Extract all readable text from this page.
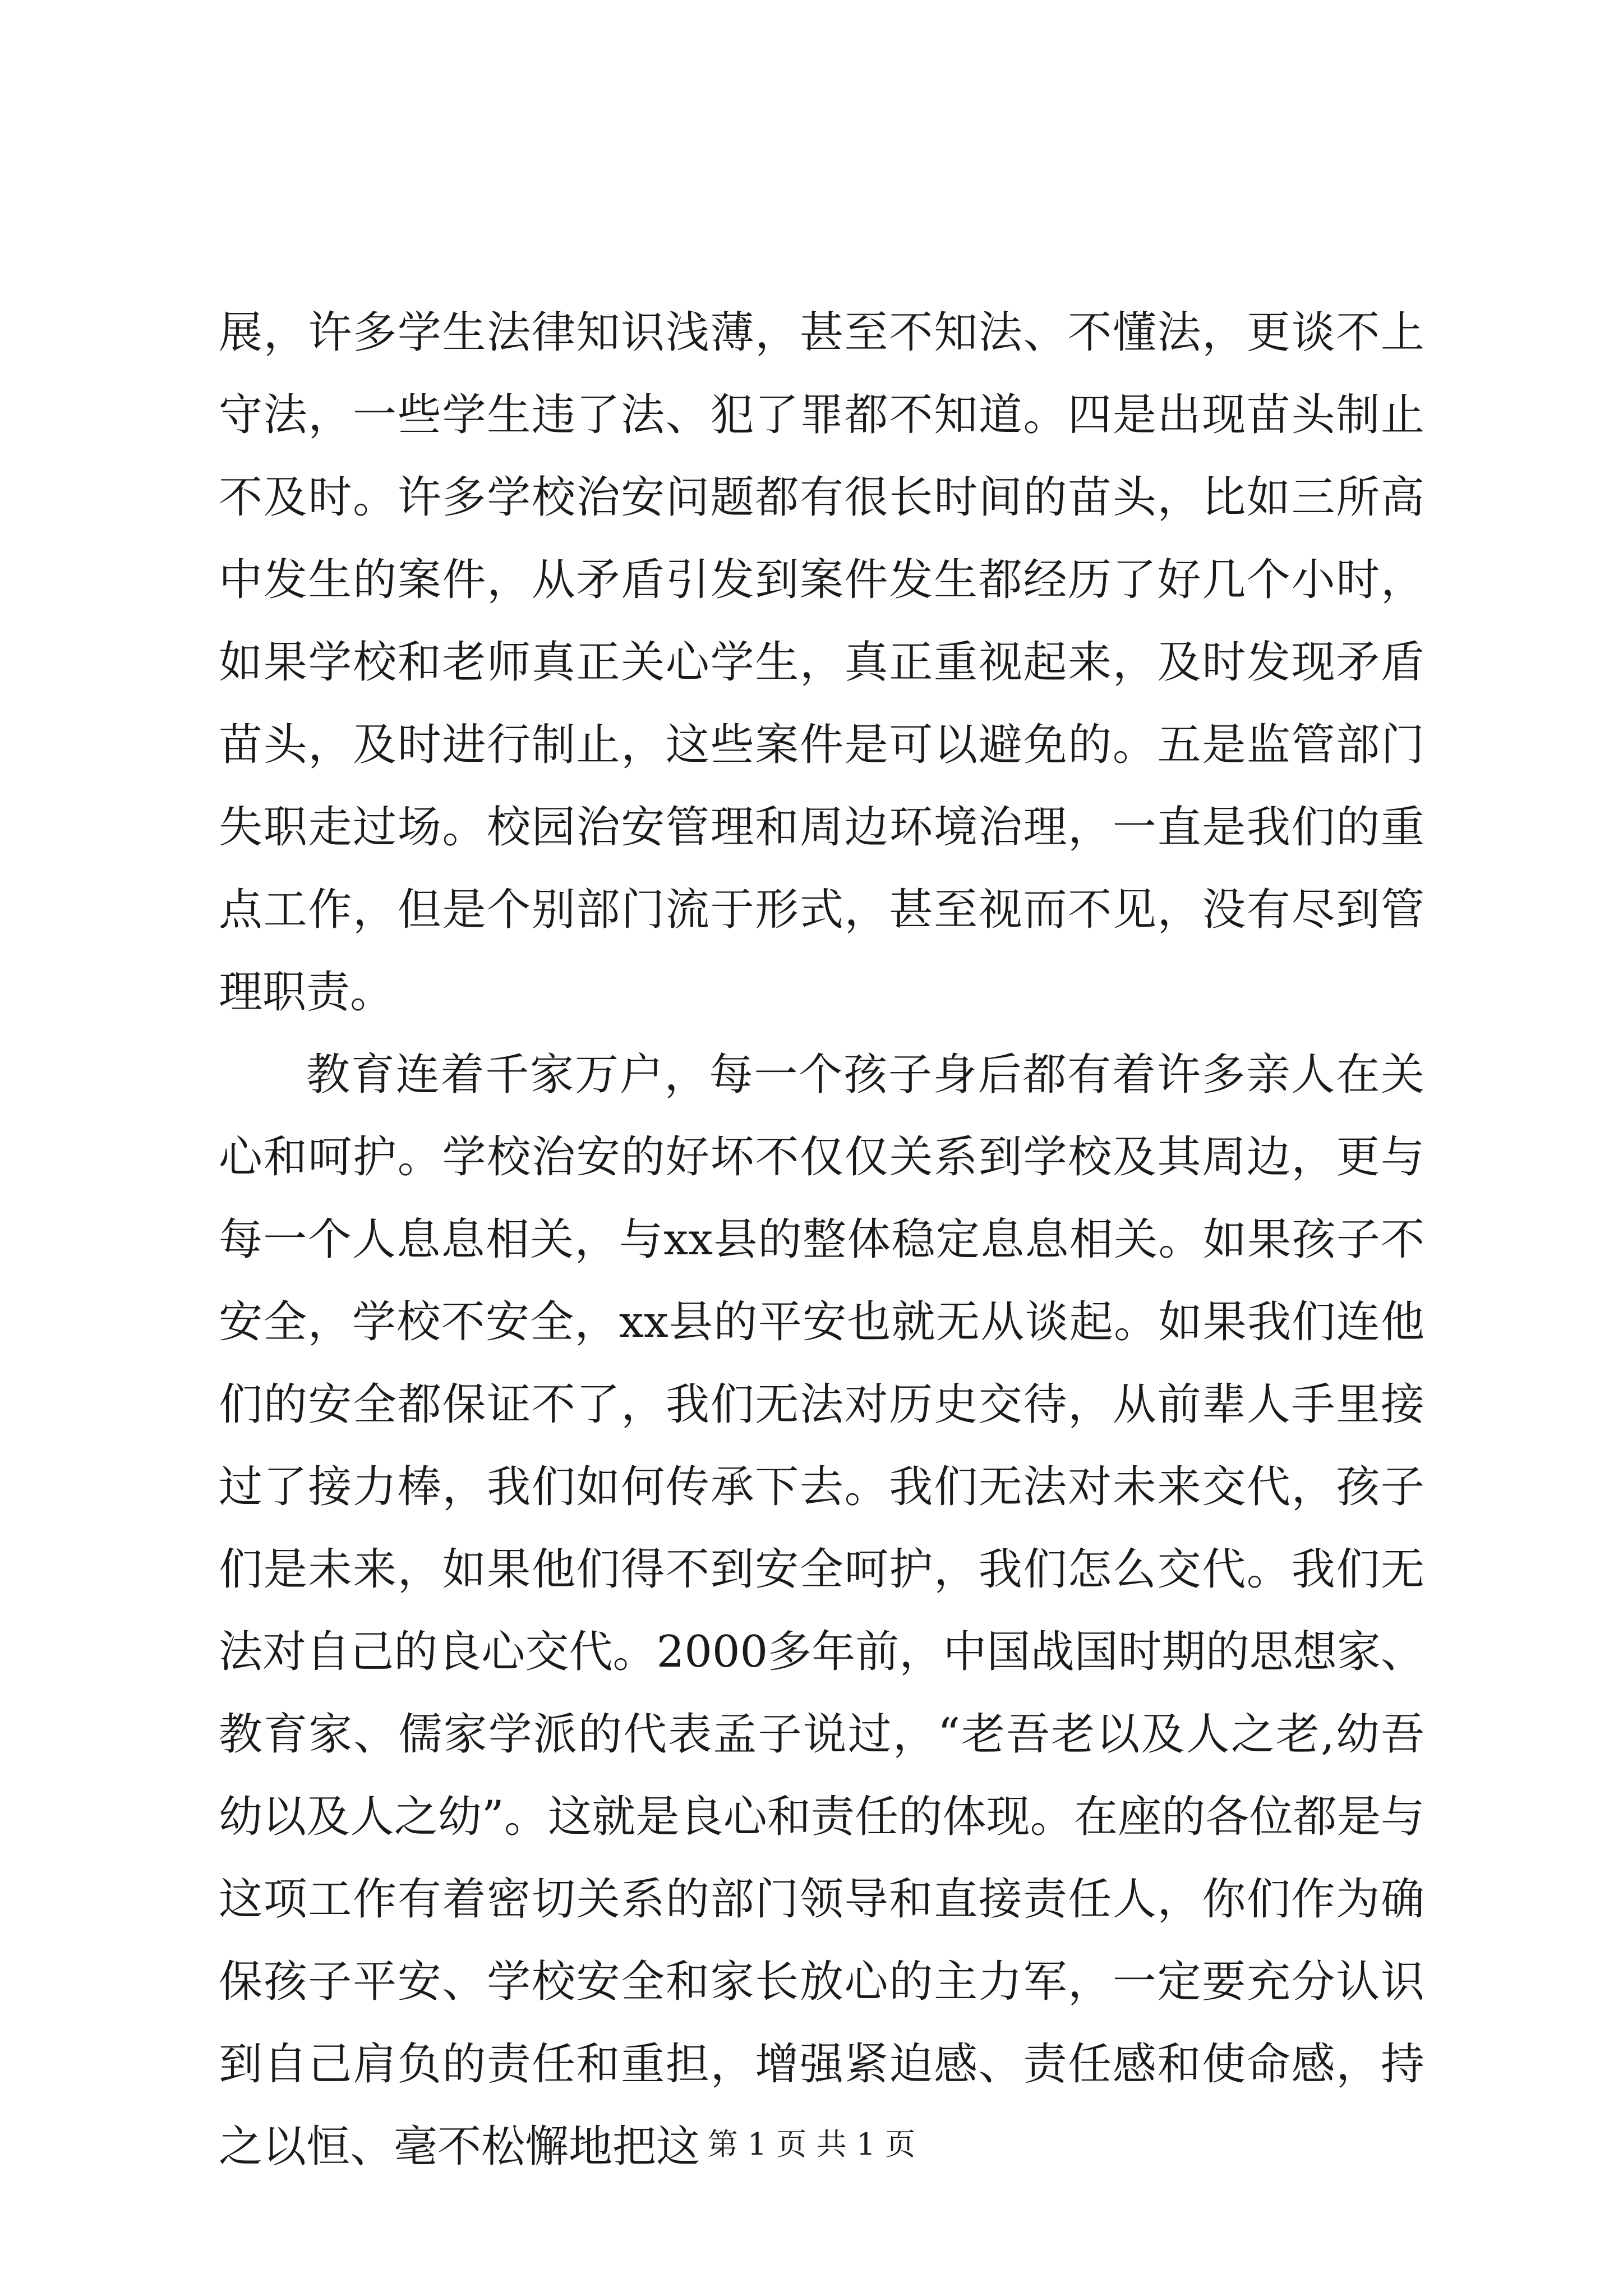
展，许多学生法律知识浅薄，甚至不知法、不懂法，更谈不上守法，一些学生违了法、犯了罪都不知道。四是出现苗头制止不及时。许多学校治安问题都有很长时间的苗头，比如三所高中发生的案件，从矛盾引发到案件发生都经历了好几个小时，如果学校和老师真正关心学生，真正重视起来，及时发现矛盾苗头，及时进行制止，这些案件是可以避免的。五是监管部门失职走过场。校园治安管理和周边环境治理，一直是我们的重点工作，但是个别部门流于形式，甚至视而不见，没有尽到管理职责。

教育连着千家万户，每一个孩子身后都有着许多亲人在关心和呵护。学校治安的好坏不仅仅关系到学校及其周边，更与每一个人息息相关，与xx县的整体稳定息息相关。如果孩子不安全，学校不安全，xx县的平安也就无从谈起。如果我们连他们的安全都保证不了，我们无法对历史交待，从前辈人手里接过了接力棒，我们如何传承下去。我们无法对未来交代，孩子们是未来，如果他们得不到安全呵护，我们怎么交代。我们无法对自己的良心交代。2000多年前，中国战国时期的思想家、教育家、儒家学派的代表孟子说过，“老吾老以及人之老,幼吾幼以及人之幼”。这就是良心和责任的体现。在座的各位都是与这项工作有着密切关系的部门领导和直接责任人，你们作为确保孩子平安、学校安全和家长放心的主力军，一定要充分认识到自己肩负的责任和重担，增强紧迫感、责任感和使命感，持之以恒、毫不松懈地把这 第 1 页 共 1 页
